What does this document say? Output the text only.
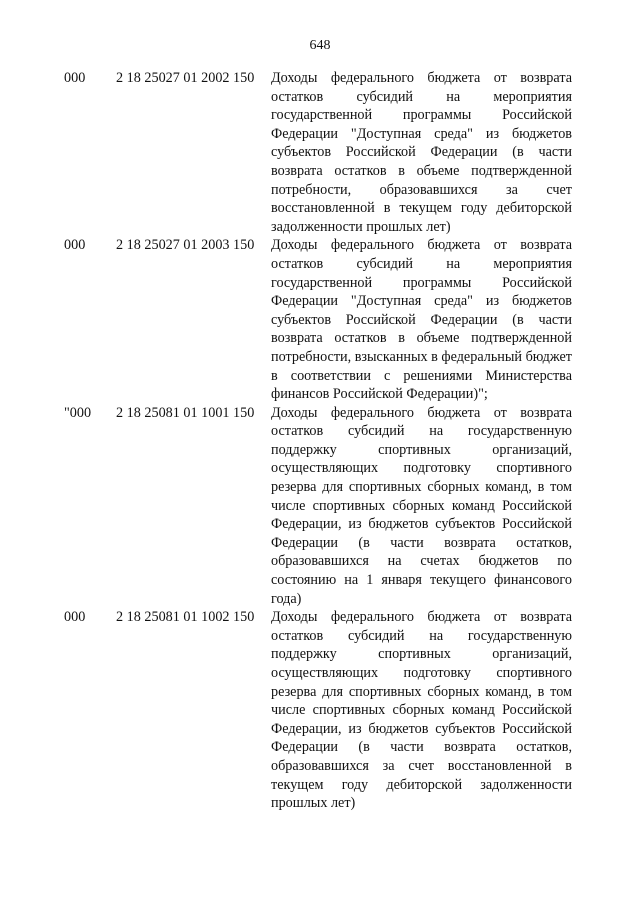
648
000 2 18 25027 01 2002 150 Доходы федерального бюджета от возврата остатков субсидий на мероприятия государственной программы Российской Федерации "Доступная среда" из бюджетов субъектов Российской Федерации (в части возврата остатков в объеме подтвержденной потребности, образовавшихся за счет восстановленной в текущем году дебиторской задолженности прошлых лет)
000 2 18 25027 01 2003 150 Доходы федерального бюджета от возврата остатков субсидий на мероприятия государственной программы Российской Федерации "Доступная среда" из бюджетов субъектов Российской Федерации (в части возврата остатков в объеме подтвержденной потребности, взысканных в федеральный бюджет в соответствии с решениями Министерства финансов Российской Федерации)";
"000 2 18 25081 01 1001 150 Доходы федерального бюджета от возврата остатков субсидий на государственную поддержку спортивных организаций, осуществляющих подготовку спортивного резерва для спортивных сборных команд, в том числе спортивных сборных команд Российской Федерации, из бюджетов субъектов Российской Федерации (в части возврата остатков, образовавшихся на счетах бюджетов по состоянию на 1 января текущего финансового года)
000 2 18 25081 01 1002 150 Доходы федерального бюджета от возврата остатков субсидий на государственную поддержку спортивных организаций, осуществляющих подготовку спортивного резерва для спортивных сборных команд, в том числе спортивных сборных команд Российской Федерации, из бюджетов субъектов Российской Федерации (в части возврата остатков, образовавшихся за счет восстановленной в текущем году дебиторской задолженности прошлых лет)
